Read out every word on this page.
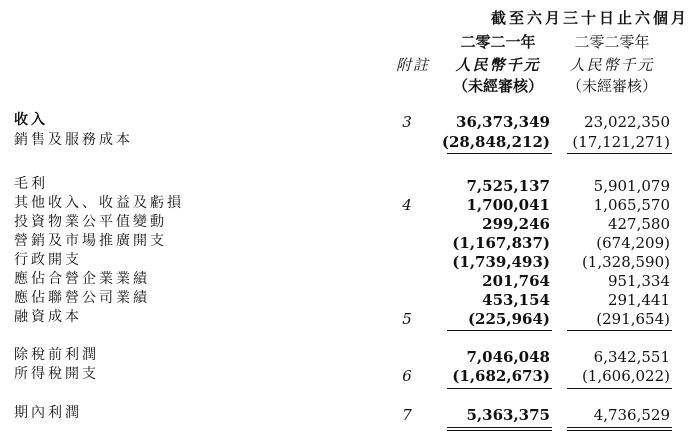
截至六月三十日止六個月
二零二一年
人民幣千元
（未經審核）
二零二零年
人民幣千元
（未經審核）
附註
收入	3	36,373,349	23,022,350
銷售及服務成本	(28,848,212)	(17,121,271)
毛利	7,525,137	5,901,079
其他收入、收益及虧損	4	1,700,041	1,065,570
投資物業公平值變動	299,246	427,580
營銷及市場推廣開支	(1,167,837)	(674,209)
行政開支	(1,739,493)	(1,328,590)
應佔合營企業業績	201,764	951,334
應佔聯營公司業績	453,154	291,441
融資成本	5	(225,964)	(291,654)
除稅前利潤	7,046,048	6,342,551
所得稅開支	6	(1,682,673)	(1,606,022)
期內利潤	7	5,363,375	4,736,529
